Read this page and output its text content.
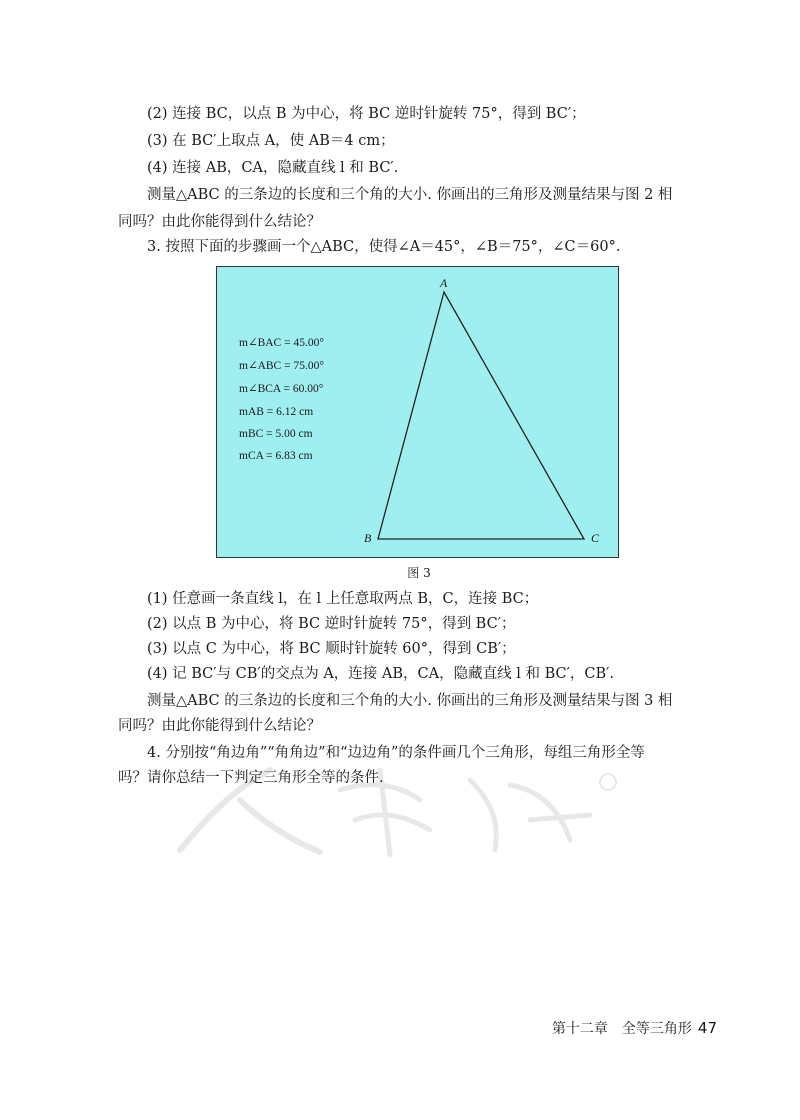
(2) 连接 BC，以点 B 为中心，将 BC 逆时针旋转 75°，得到 BC′；
(3) 在 BC′上取点 A，使 AB＝4 cm；
(4) 连接 AB，CA，隐藏直线 l 和 BC′.
测量△ABC 的三条边的长度和三个角的大小. 你画出的三角形及测量结果与图 2 相
同吗？由此你能得到什么结论？
3. 按照下面的步骤画一个△ABC，使得∠A＝45°，∠B＝75°，∠C＝60°.
A
B	C
m∠BAC = 45.00°
m∠ABC = 75.00°
m∠BCA = 60.00°
mAB = 6.12 cm
mBC = 5.00 cm
mCA = 6.83 cm
图 3
(1) 任意画一条直线 l，在 l 上任意取两点 B，C，连接 BC；
(2) 以点 B 为中心，将 BC 逆时针旋转 75°，得到 BC′；
(3) 以点 C 为中心，将 BC 顺时针旋转 60°，得到 CB′；
(4) 记 BC′与 CB′的交点为 A，连接 AB，CA，隐藏直线 l 和 BC′，CB′.
测量△ABC 的三条边的长度和三个角的大小. 你画出的三角形及测量结果与图 3 相
同吗？由此你能得到什么结论？
4. 分别按“角边角”“角角边”和“边边角”的条件画几个三角形，每组三角形全等
吗？请你总结一下判定三角形全等的条件.
第十二章　全等三角形 47
